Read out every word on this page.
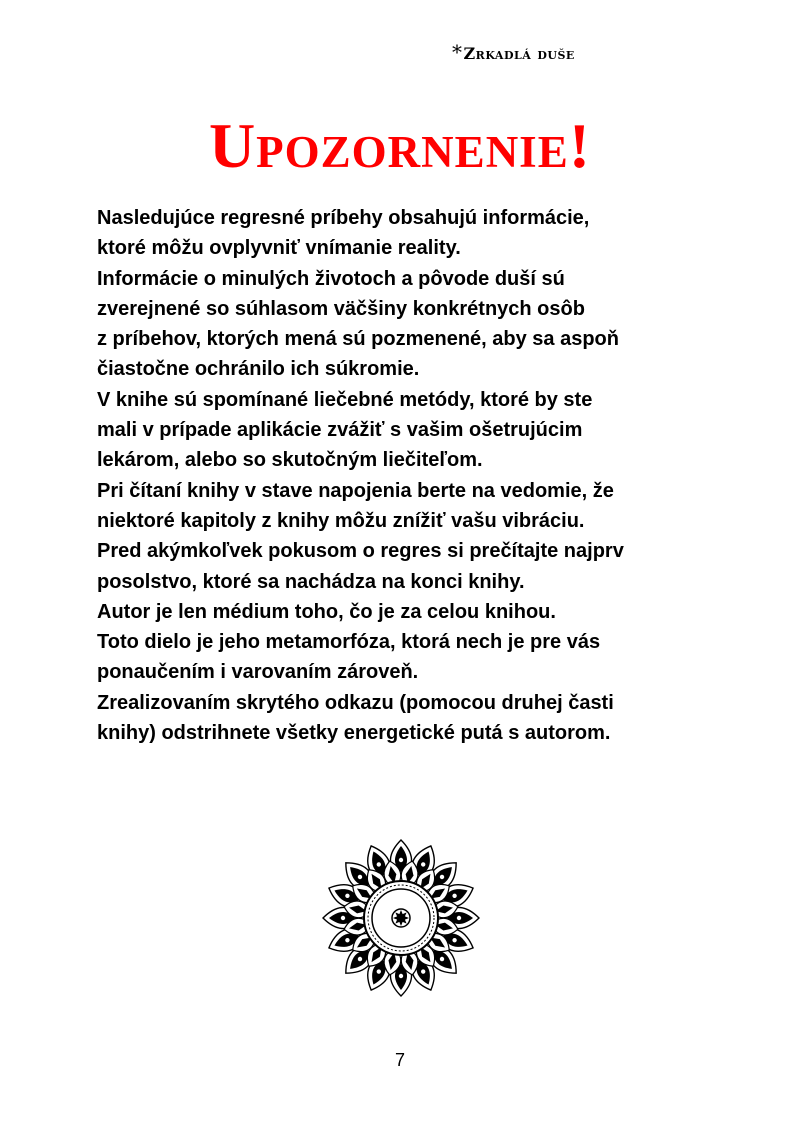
*Zrkadlá duše
Upozornenie!
Nasledujúce regresné príbehy obsahujú informácie,
ktoré môžu ovplyvniť vnímanie reality.
Informácie o minulých životoch a pôvode duší sú
zverejnené so súhlasom väčšiny konkrétnych osôb
z príbehov, ktorých mená sú pozmenené, aby sa aspoň
čiastočne ochránilo ich súkromie.
V knihe sú spomínané liečebné metódy, ktoré by ste
mali v prípade aplikácie zvážiť s vašim ošetrujúcim
lekárom, alebo so skutočným liečiteľom.
Pri čítaní knihy v stave napojenia berte na vedomie, že
niektoré kapitoly z knihy môžu znížiť vašu vibráciu.
Pred akýmkoľvek pokusom o regres si prečítajte najprv
posolstvo, ktoré sa nachádza na konci knihy.
Autor je len médium toho, čo je za celou knihou.
Toto dielo je jeho metamorfóza, ktorá nech je pre vás
ponaučením i varovaním zároveň.
Zrealizovaním skrytého odkazu (pomocou druhej časti
knihy) odstrihnete všetky energetické putá s autorom.
7
